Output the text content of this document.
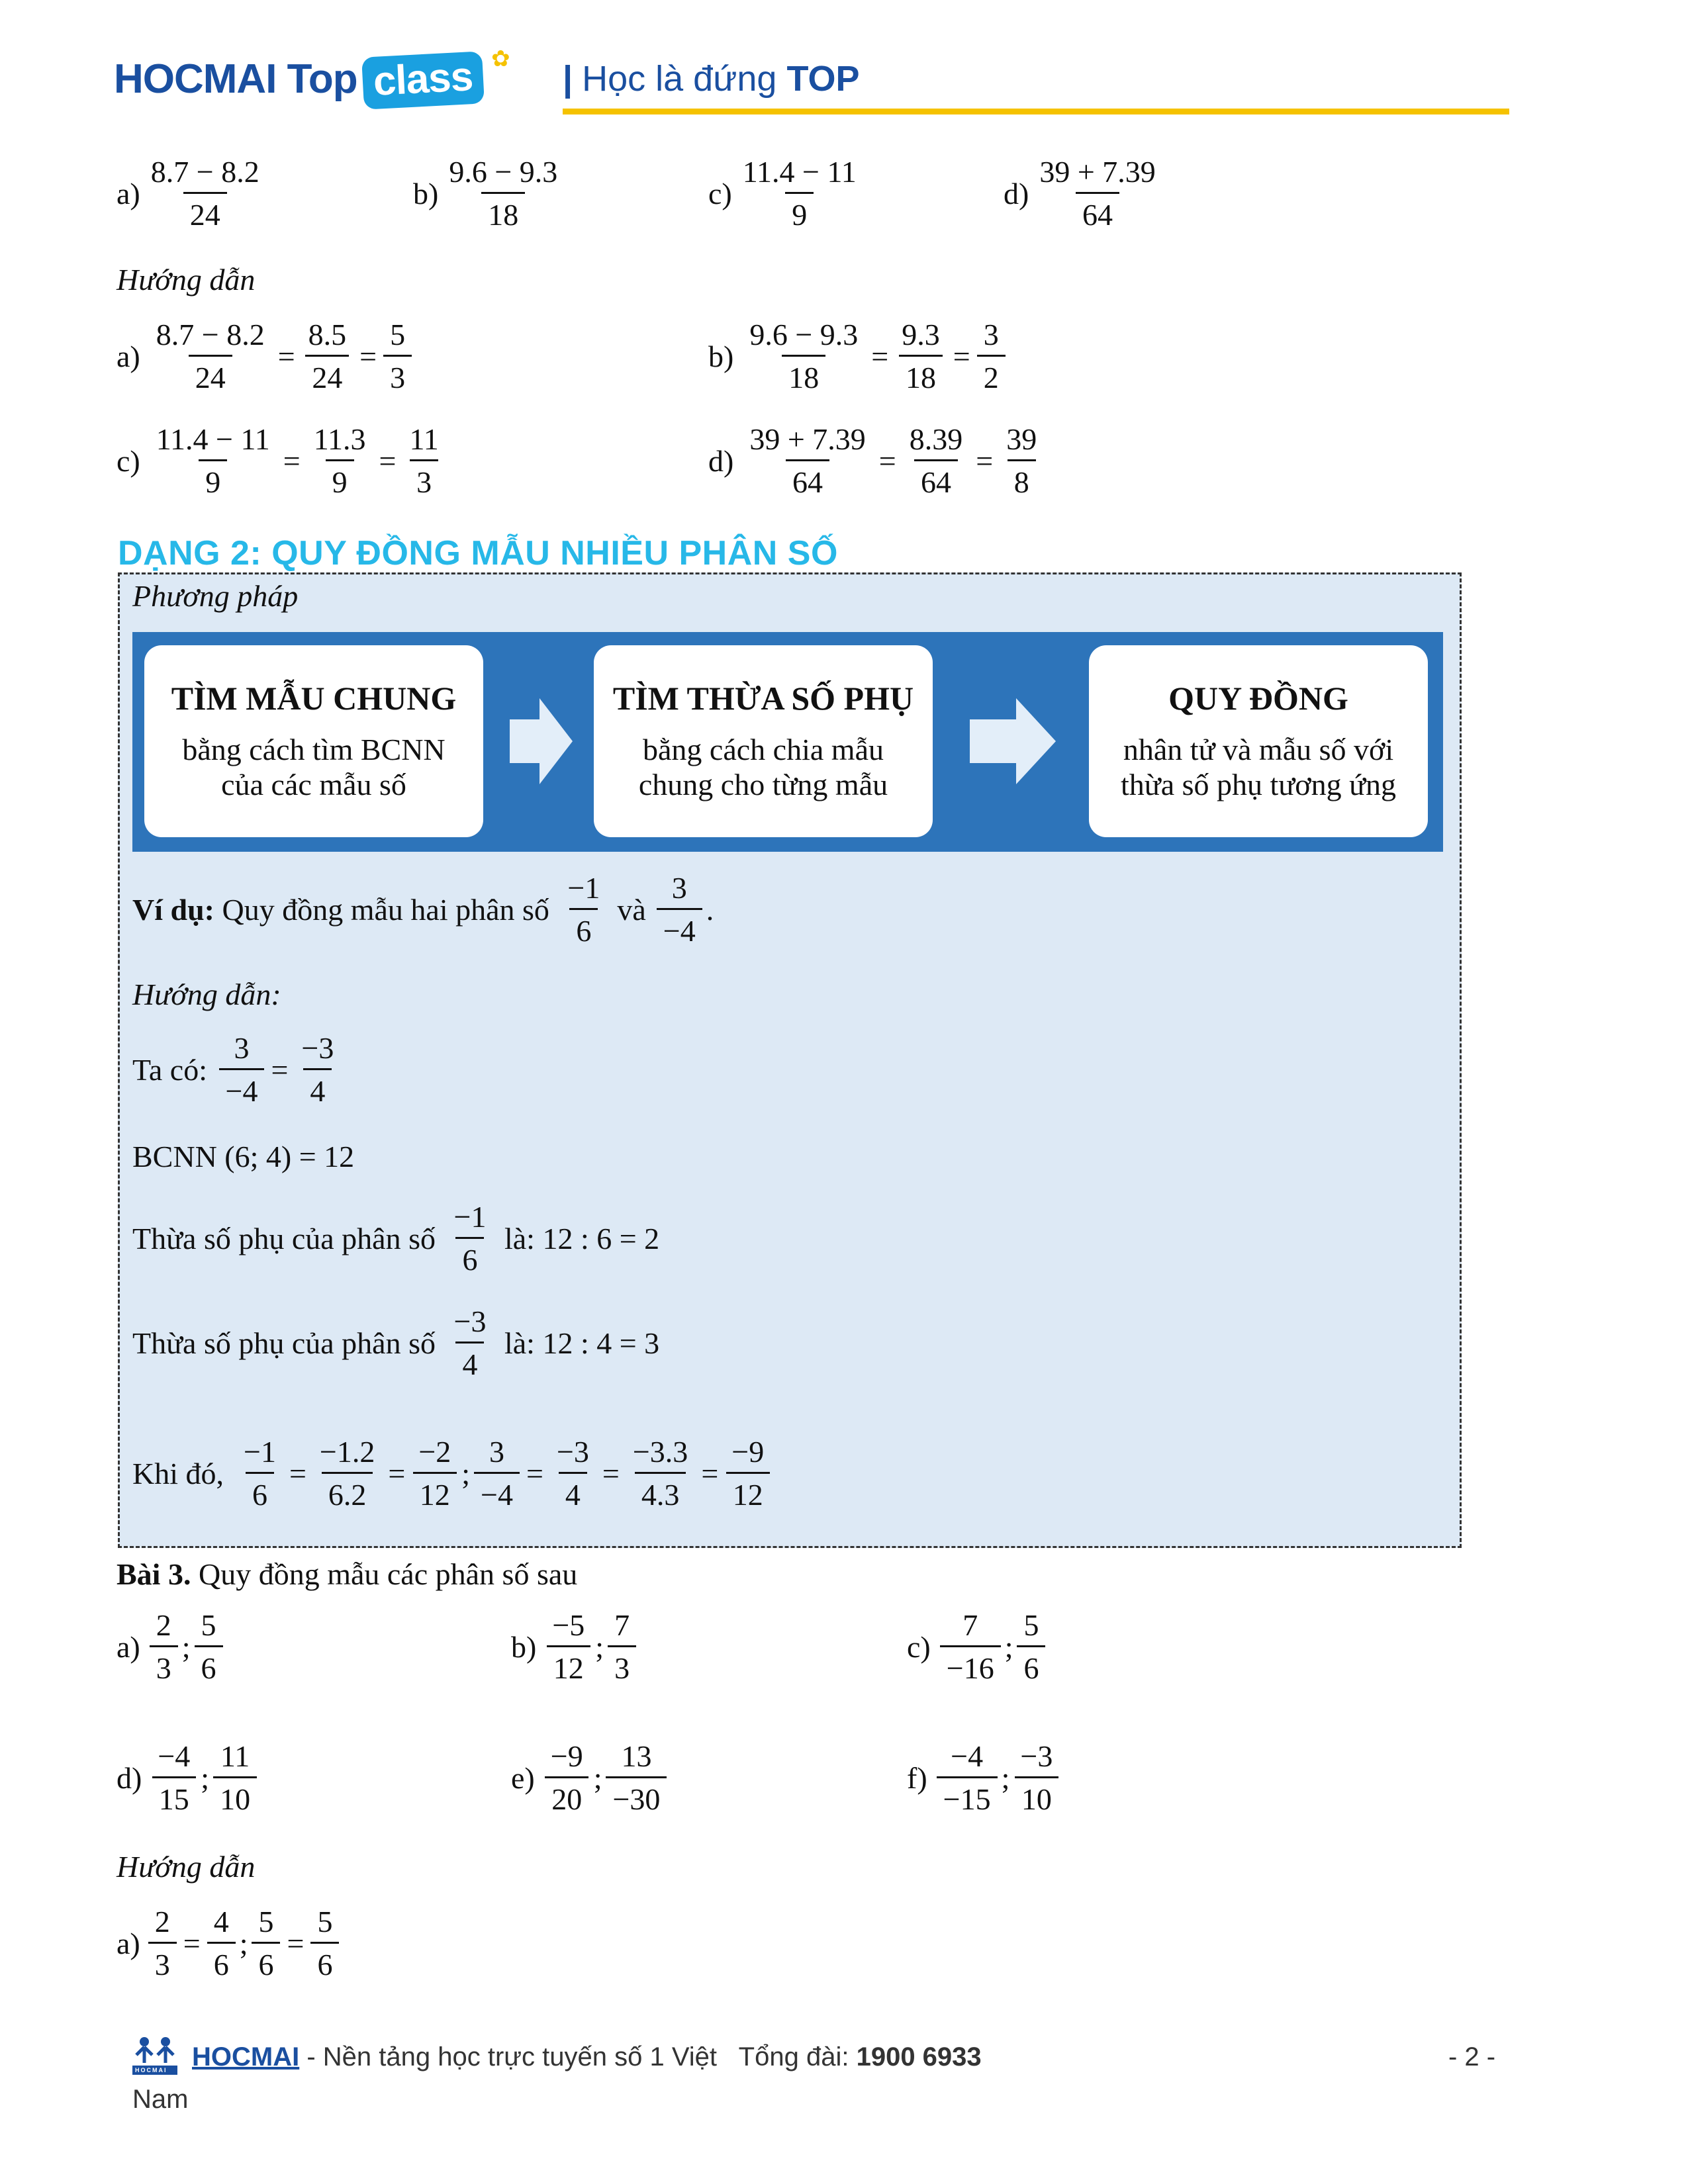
HOCMAI Top class ✿ | Học là đứng TOP
$a) \frac{8.7 - 8.2}{24}$	$b) \frac{9.6 - 9.3}{18}$	$c) \frac{11.4 - 11}{9}$	$d) \frac{39 + 7.39}{64}$
Hướng dẫn
$a) \frac{8.7 - 8.2}{24} = \frac{8.5}{24} = \frac{5}{3}$	$b) \frac{9.6 - 9.3}{18} = \frac{9.3}{18} = \frac{3}{2}$
$c) \frac{11.4 - 11}{9} = \frac{11.3}{9} = \frac{11}{3}$	$d) \frac{39 + 7.39}{64} = \frac{8.39}{64} = \frac{39}{8}$
DẠNG 2: QUY ĐỒNG MẪU NHIỀU PHÂN SỐ
Phương pháp
TÌM MẪU CHUNG
bằng cách tìm BCNN
của các mẫu số
TÌM THỪA SỐ PHỤ
bằng cách chia mẫu
chung cho từng mẫu
QUY ĐỒNG
nhân tử và mẫu số với
thừa số phụ tương ứng
Ví dụ:
Quy đồng mẫu hai phân số
$\frac{-1}{6}$ và $\frac{3}{-4}$ .
Hướng dẫn:
Ta có:
$\frac{3}{-4} = \frac{-3}{4}$
BCNN (6; 4) = 12
Thừa số phụ của phân số
$\frac{-1}{6}$
là: 12 : 6 = 2
Thừa số phụ của phân số
$\frac{-3}{4}$
là: 12 : 4 = 3
Khi đó, $\frac{-1}{6} = \frac{-1.2}{6.2} = \frac{-2}{12}$ ; $\frac{3}{-4} = \frac{-3}{4} = \frac{-3.3}{4.3} = \frac{-9}{12}$
Bài 3. Quy đồng mẫu các phân số sau
$a) \frac{2}{3}$ ; $\frac{5}{6}$	$b) \frac{-5}{12}$ ; $\frac{7}{3}$	$c) \frac{7}{-16}$ ; $\frac{5}{6}$
$d) \frac{-4}{15}$ ; $\frac{11}{10}$	$e) \frac{-9}{20}$ ; $\frac{13}{-30}$	$f) \frac{-4}{-15}$ ; $\frac{-3}{10}$
Hướng dẫn
$a) \frac{2}{3} = \frac{4}{6}$ ; $\frac{5}{6} = \frac{5}{6}$
HOCMAI HOCMAI - Nền tảng học trực tuyến số 1 Việt Tổng đài: 1900 6933	- 2 -
Nam
